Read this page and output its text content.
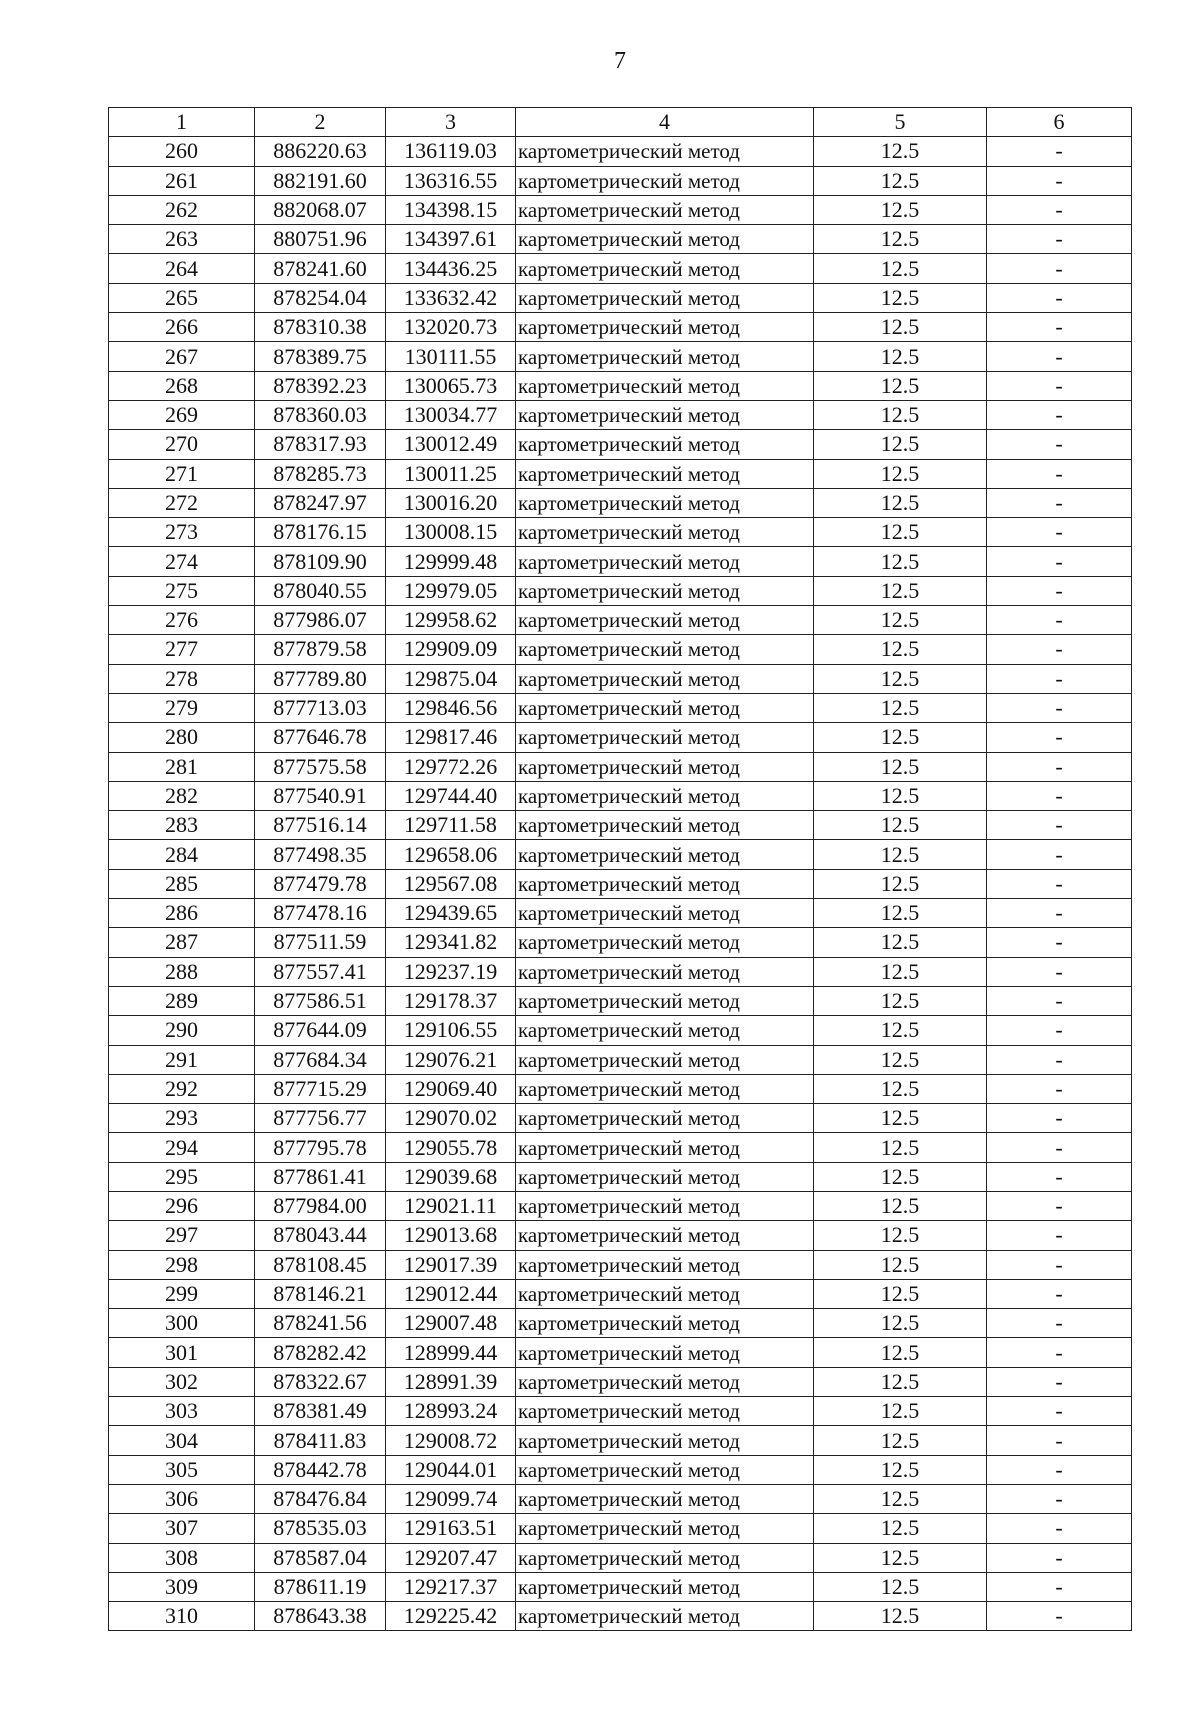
7
1	2	3	4	5	6
260	886220.63	136119.03	картометрический метод	12.5	-
261	882191.60	136316.55	картометрический метод	12.5	-
262	882068.07	134398.15	картометрический метод	12.5	-
263	880751.96	134397.61	картометрический метод	12.5	-
264	878241.60	134436.25	картометрический метод	12.5	-
265	878254.04	133632.42	картометрический метод	12.5	-
266	878310.38	132020.73	картометрический метод	12.5	-
267	878389.75	130111.55	картометрический метод	12.5	-
268	878392.23	130065.73	картометрический метод	12.5	-
269	878360.03	130034.77	картометрический метод	12.5	-
270	878317.93	130012.49	картометрический метод	12.5	-
271	878285.73	130011.25	картометрический метод	12.5	-
272	878247.97	130016.20	картометрический метод	12.5	-
273	878176.15	130008.15	картометрический метод	12.5	-
274	878109.90	129999.48	картометрический метод	12.5	-
275	878040.55	129979.05	картометрический метод	12.5	-
276	877986.07	129958.62	картометрический метод	12.5	-
277	877879.58	129909.09	картометрический метод	12.5	-
278	877789.80	129875.04	картометрический метод	12.5	-
279	877713.03	129846.56	картометрический метод	12.5	-
280	877646.78	129817.46	картометрический метод	12.5	-
281	877575.58	129772.26	картометрический метод	12.5	-
282	877540.91	129744.40	картометрический метод	12.5	-
283	877516.14	129711.58	картометрический метод	12.5	-
284	877498.35	129658.06	картометрический метод	12.5	-
285	877479.78	129567.08	картометрический метод	12.5	-
286	877478.16	129439.65	картометрический метод	12.5	-
287	877511.59	129341.82	картометрический метод	12.5	-
288	877557.41	129237.19	картометрический метод	12.5	-
289	877586.51	129178.37	картометрический метод	12.5	-
290	877644.09	129106.55	картометрический метод	12.5	-
291	877684.34	129076.21	картометрический метод	12.5	-
292	877715.29	129069.40	картометрический метод	12.5	-
293	877756.77	129070.02	картометрический метод	12.5	-
294	877795.78	129055.78	картометрический метод	12.5	-
295	877861.41	129039.68	картометрический метод	12.5	-
296	877984.00	129021.11	картометрический метод	12.5	-
297	878043.44	129013.68	картометрический метод	12.5	-
298	878108.45	129017.39	картометрический метод	12.5	-
299	878146.21	129012.44	картометрический метод	12.5	-
300	878241.56	129007.48	картометрический метод	12.5	-
301	878282.42	128999.44	картометрический метод	12.5	-
302	878322.67	128991.39	картометрический метод	12.5	-
303	878381.49	128993.24	картометрический метод	12.5	-
304	878411.83	129008.72	картометрический метод	12.5	-
305	878442.78	129044.01	картометрический метод	12.5	-
306	878476.84	129099.74	картометрический метод	12.5	-
307	878535.03	129163.51	картометрический метод	12.5	-
308	878587.04	129207.47	картометрический метод	12.5	-
309	878611.19	129217.37	картометрический метод	12.5	-
310	878643.38	129225.42	картометрический метод	12.5	-
